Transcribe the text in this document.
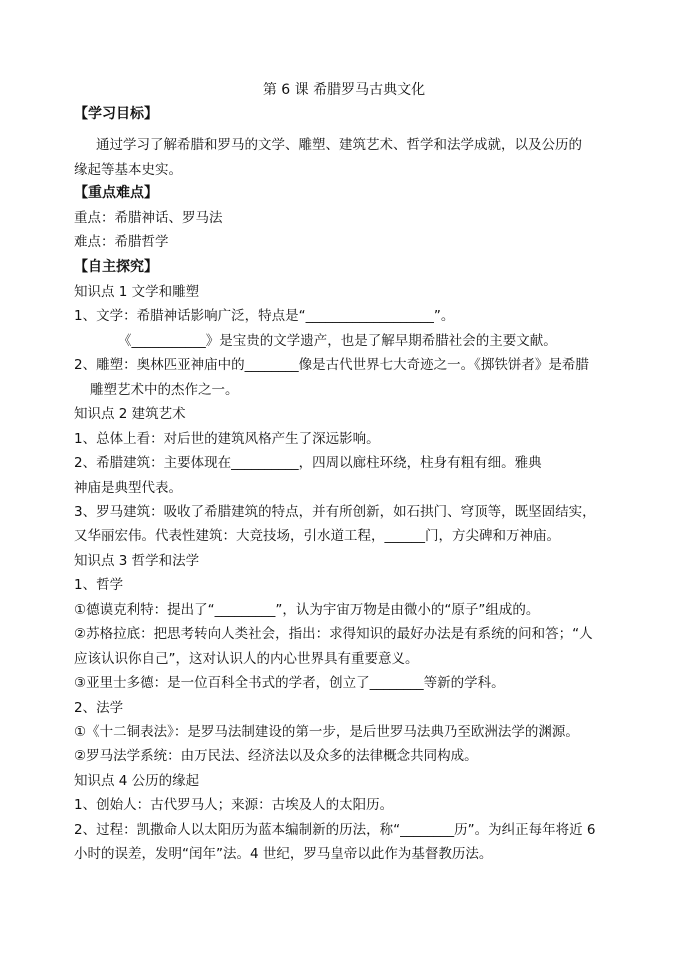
第 6 课 希腊罗马古典文化
【学习目标】
通过学习了解希腊和罗马的文学、雕塑、建筑艺术、哲学和法学成就，以及公历的
缘起等基本史实。
【重点难点】
重点：希腊神话、罗马法
难点：希腊哲学
【自主探究】
知识点 1 文学和雕塑
1、文学：希腊神话影响广泛，特点是“___________________”。
《___________》是宝贵的文学遗产，也是了解早期希腊社会的主要文献。
2、雕塑：奥林匹亚神庙中的________像是古代世界七大奇迹之一。《掷铁饼者》是希腊
雕塑艺术中的杰作之一。
知识点 2 建筑艺术
1、总体上看：对后世的建筑风格产生了深远影响。
2、希腊建筑：主要体现在__________，四周以廊柱环绕，柱身有粗有细。雅典
神庙是典型代表。
3、罗马建筑：吸收了希腊建筑的特点，并有所创新，如石拱门、穹顶等，既坚固结实，
又华丽宏伟。代表性建筑：大竞技场，引水道工程，______门，方尖碑和万神庙。
知识点 3 哲学和法学
1、哲学
①德谟克利特：提出了“_________”，认为宇宙万物是由微小的“原子”组成的。
②苏格拉底：把思考转向人类社会，指出：求得知识的最好办法是有系统的问和答；“人
应该认识你自己”，这对认识人的内心世界具有重要意义。
③亚里士多德：是一位百科全书式的学者，创立了________等新的学科。
2、法学
①《十二铜表法》：是罗马法制建设的第一步，是后世罗马法典乃至欧洲法学的渊源。
②罗马法学系统：由万民法、经济法以及众多的法律概念共同构成。
知识点 4 公历的缘起
1、创始人：古代罗马人；来源：古埃及人的太阳历。
2、过程：凯撒命人以太阳历为蓝本编制新的历法，称“________历”。为纠正每年将近 6
小时的误差，发明“闰年”法。4 世纪，罗马皇帝以此作为基督教历法。
